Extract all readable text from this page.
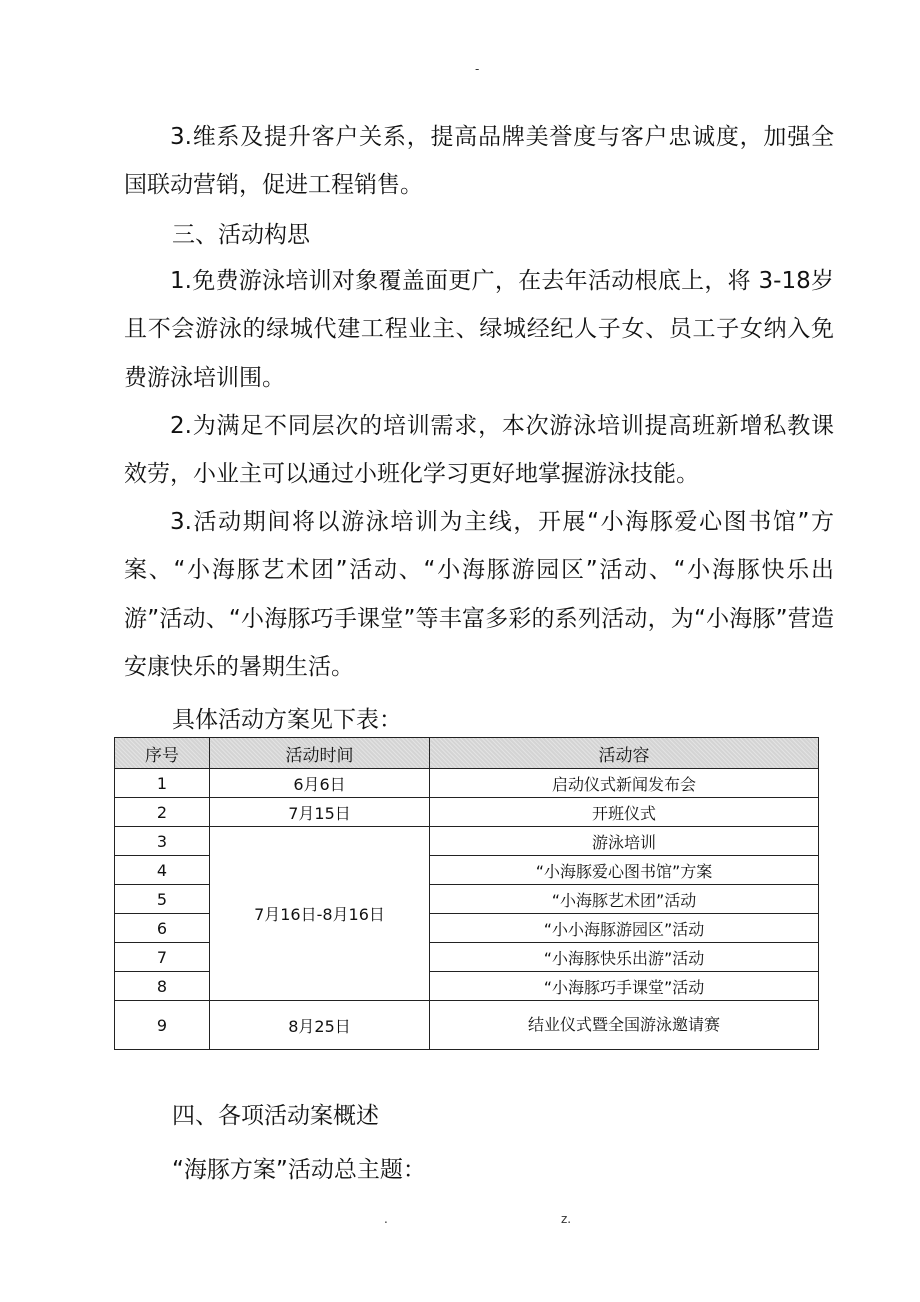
-
3.维系及提升客户关系，提高品牌美誉度与客户忠诚度，加强全国联动营销，促进工程销售。
三、活动构思
1.免费游泳培训对象覆盖面更广，在去年活动根底上，将 3-18岁且不会游泳的绿城代建工程业主、绿城经纪人子女、员工子女纳入免费游泳培训围。
2.为满足不同层次的培训需求，本次游泳培训提高班新增私教课效劳，小业主可以通过小班化学习更好地掌握游泳技能。
3.活动期间将以游泳培训为主线，开展“小海豚爱心图书馆”方案、“小海豚艺术团”活动、“小海豚游园区”活动、“小海豚快乐出游”活动、“小海豚巧手课堂”等丰富多彩的系列活动，为“小海豚”营造安康快乐的暑期生活。
具体活动方案见下表：
序号	活动时间	活动容
1	6月6日	启动仪式新闻发布会
2	7月15日	开班仪式
3	7月16日-8月16日	游泳培训
4		“小海豚爱心图书馆”方案
5		“小海豚艺术团”活动
6		“小小海豚游园区”活动
7		“小海豚快乐出游”活动
8		“小海豚巧手课堂”活动
9	8月25日	结业仪式暨全国游泳邀请赛
四、各项活动案概述
“海豚方案”活动总主题：
.	z.
